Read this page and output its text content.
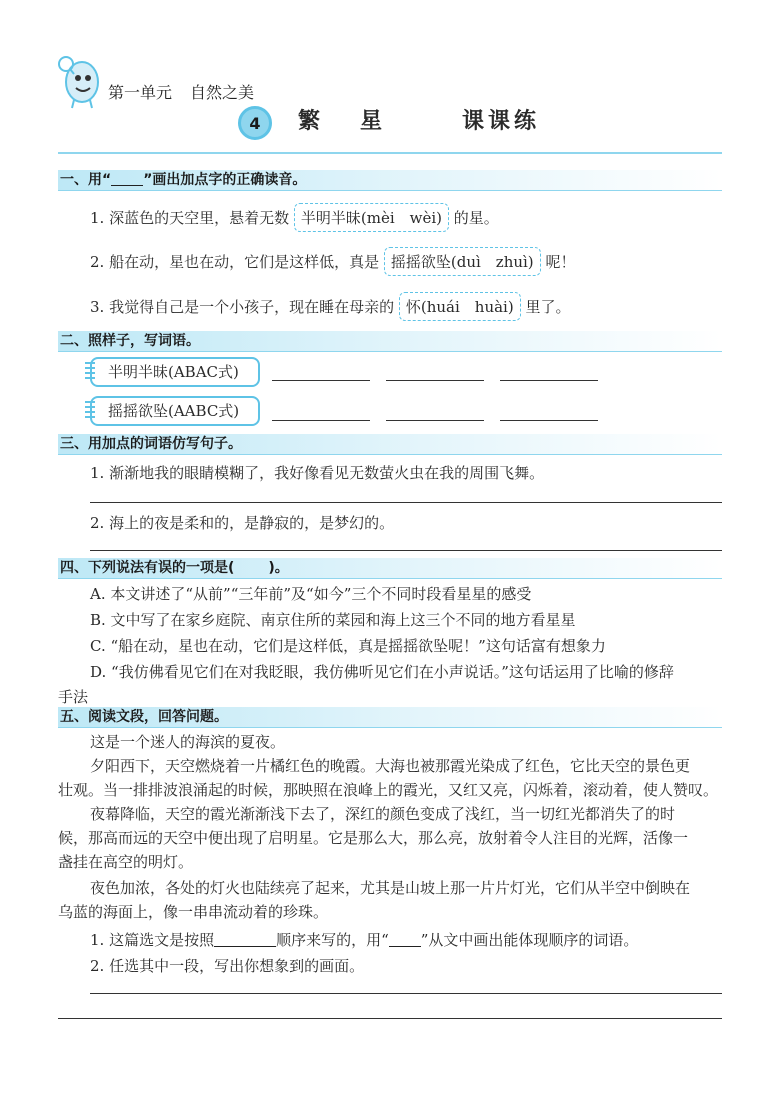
第一单元 自然之美
4 繁星 课课练
一、用“ ”画出加点字的正确读音。
1. 深蓝色的天空里，悬着无数 半明半昧(mèi　wèi) 的星。
2. 船在动，星也在动，它们是这样低，真是 摇摇欲坠(duì　zhuì) 呢！
3. 我觉得自己是一个小孩子，现在睡在母亲的 怀(huái　huài) 里了。
二、照样子，写词语。
半明半昧(ABAC式)
摇摇欲坠(AABC式)
三、用加点的词语仿写句子。
1. 渐渐地我的眼睛模糊了，我好像看见无数萤火虫在我的周围飞舞。
2. 海上的夜是柔和的，是静寂的，是梦幻的。
四、下列说法有误的一项是( )。
A. 本文讲述了“从前”“三年前”及“如今”三个不同时段看星星的感受
B. 文中写了在家乡庭院、南京住所的菜园和海上这三个不同的地方看星星
C. “船在动，星也在动，它们是这样低，真是摇摇欲坠呢！”这句话富有想象力
D. “我仿佛看见它们在对我眨眼，我仿佛听见它们在小声说话。”这句话运用了比喻的修辞
手法
五、阅读文段，回答问题。
这是一个迷人的海滨的夏夜。
夕阳西下，天空燃烧着一片橘红色的晚霞。大海也被那霞光染成了红色，它比天空的景色更
壮观。当一排排波浪涌起的时候，那映照在浪峰上的霞光，又红又亮，闪烁着，滚动着，使人赞叹。
夜幕降临，天空的霞光渐渐浅下去了，深红的颜色变成了浅红，当一切红光都消失了的时
候，那高而远的天空中便出现了启明星。它是那么大，那么亮，放射着令人注目的光辉，活像一
盏挂在高空的明灯。
夜色加浓，各处的灯火也陆续亮了起来，尤其是山坡上那一片片灯光，它们从半空中倒映在
乌蓝的海面上，像一串串流动着的珍珠。
1. 这篇选文是按照	顺序来写的，用“ ”从文中画出能体现顺序的词语。
2. 任选其中一段，写出你想象到的画面。
